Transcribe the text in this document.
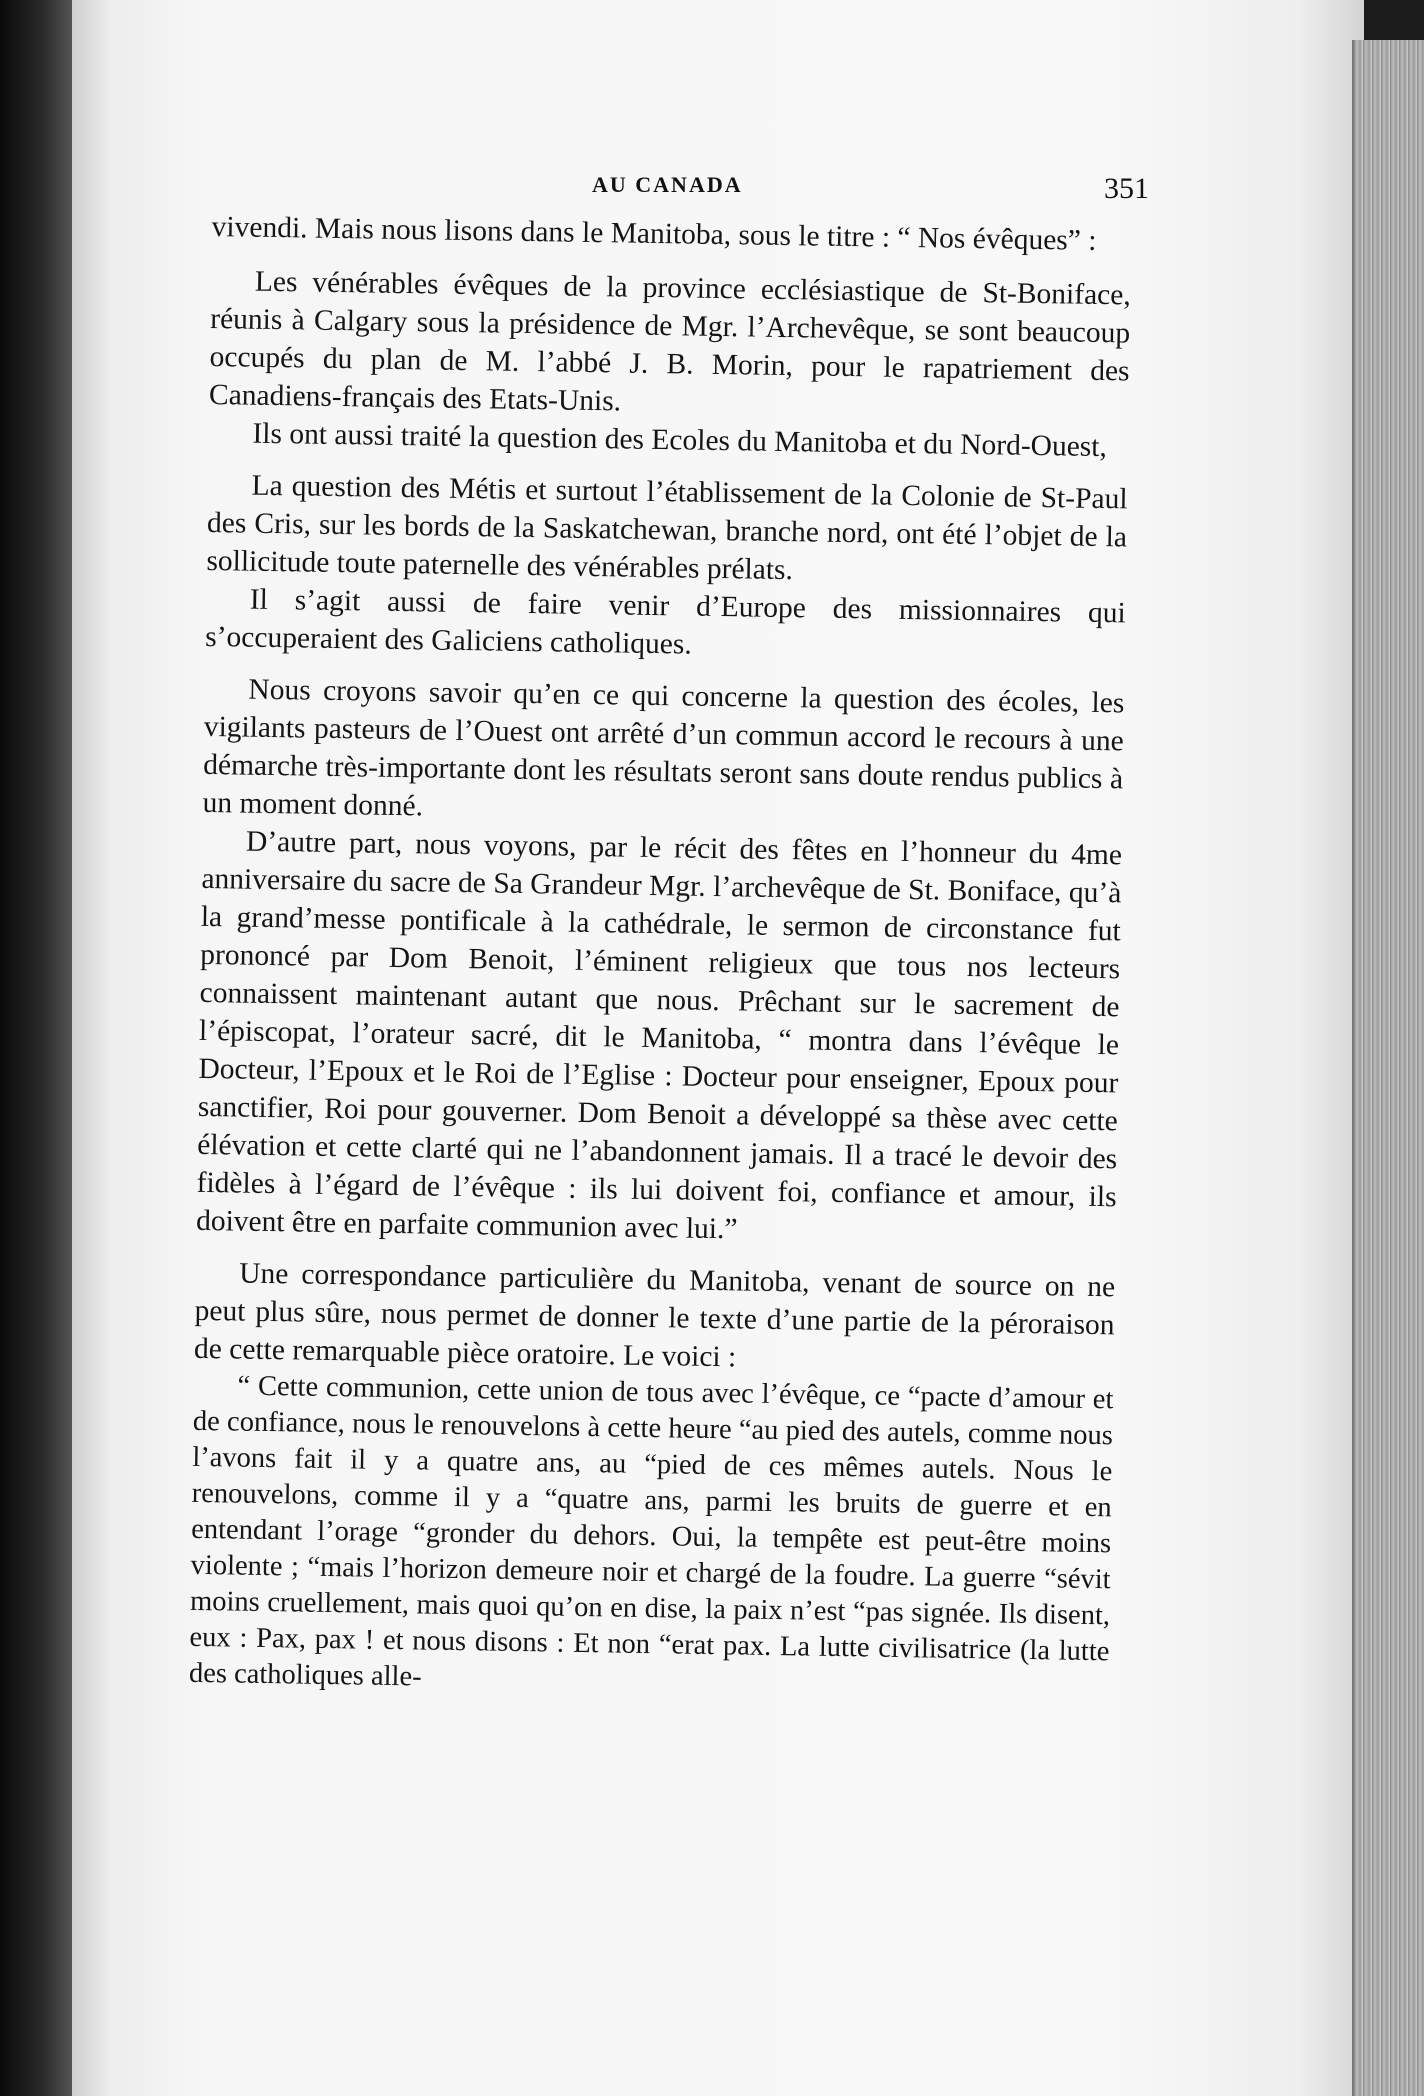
AU CANADA	351

vivendi. Mais nous lisons dans le Manitoba, sous le titre : “ Nos évêques” :

Les vénérables évêques de la province ecclésiastique de St-Boniface, réunis à Calgary sous la présidence de Mgr. l’Archevêque, se sont beaucoup occupés du plan de M. l’abbé J. B. Morin, pour le rapatriement des Canadiens-français des Etats-Unis.

Ils ont aussi traité la question des Ecoles du Manitoba et du Nord-Ouest,

La question des Métis et surtout l’établissement de la Colonie de St-Paul des Cris, sur les bords de la Saskatchewan, branche nord, ont été l’objet de la sollicitude toute paternelle des vénérables prélats.

Il s’agit aussi de faire venir d’Europe des missionnaires qui s’occuperaient des Galiciens catholiques.

Nous croyons savoir qu’en ce qui concerne la question des écoles, les vigilants pasteurs de l’Ouest ont arrêté d’un commun accord le recours à une démarche très-importante dont les résultats seront sans doute rendus publics à un moment donné.

D’autre part, nous voyons, par le récit des fêtes en l’honneur du 4me anniversaire du sacre de Sa Grandeur Mgr. l’archevêque de St. Boniface, qu’à la grand’messe pontificale à la cathédrale, le sermon de circonstance fut prononcé par Dom Benoit, l’éminent religieux que tous nos lecteurs connaissent maintenant autant que nous. Prêchant sur le sacrement de l’épiscopat, l’orateur sacré, dit le Manitoba, “ montra dans l’évêque le Docteur, l’Epoux et le Roi de l’Eglise : Docteur pour enseigner, Epoux pour sanctifier, Roi pour gouverner. Dom Benoit a développé sa thèse avec cette élévation et cette clarté qui ne l’abandonnent jamais. Il a tracé le devoir des fidèles à l’égard de l’évêque : ils lui doivent foi, confiance et amour, ils doivent être en parfaite communion avec lui.”

Une correspondance particulière du Manitoba, venant de source on ne peut plus sûre, nous permet de donner le texte d’une partie de la péroraison de cette remarquable pièce oratoire. Le voici :

“ Cette communion, cette union de tous avec l’évêque, ce “pacte d’amour et de confiance, nous le renouvelons à cette heure “au pied des autels, comme nous l’avons fait il y a quatre ans, au “pied de ces mêmes autels. Nous le renouvelons, comme il y a “quatre ans, parmi les bruits de guerre et en entendant l’orage “gronder du dehors. Oui, la tempête est peut-être moins violente ; “mais l’horizon demeure noir et chargé de la foudre. La guerre “sévit moins cruellement, mais quoi qu’on en dise, la paix n’est “pas signée. Ils disent, eux : Pax, pax ! et nous disons : Et non “erat pax. La lutte civilisatrice (la lutte des catholiques alle-
